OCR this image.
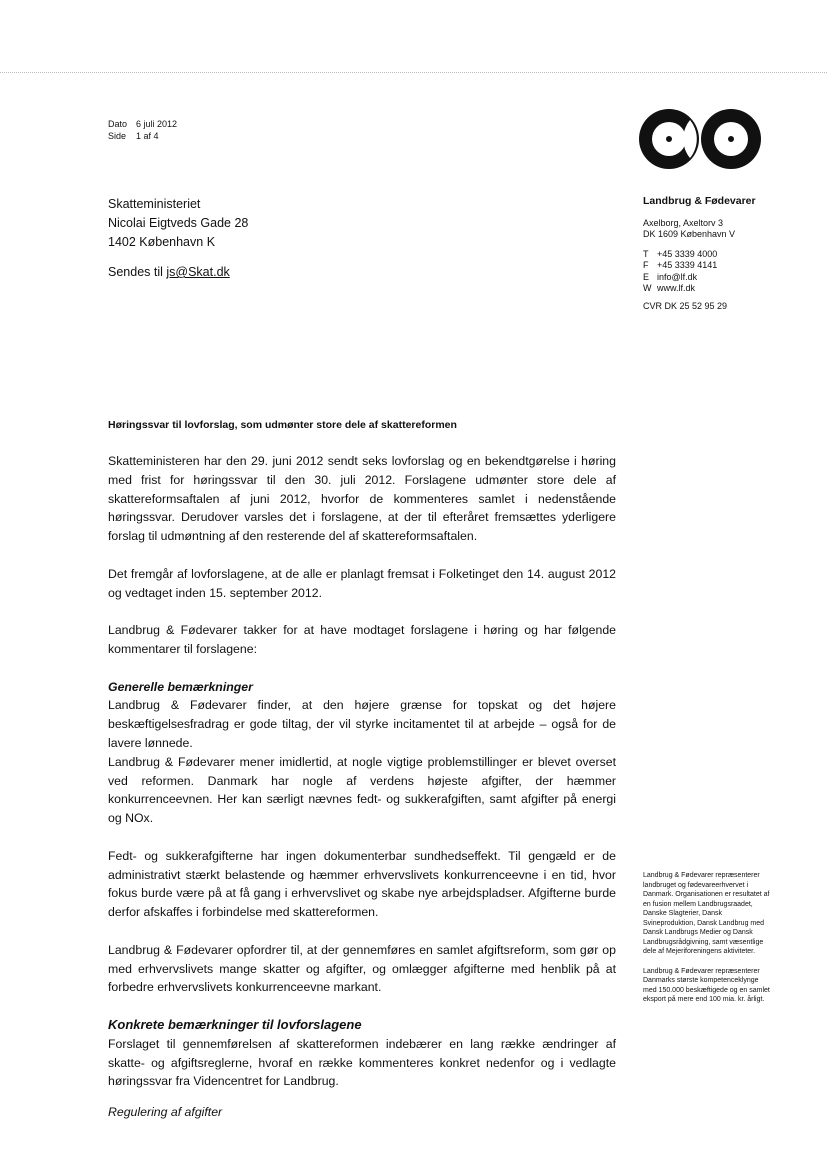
Dato 6 juli 2012
Side 1 af 4
Skatteministeriet
Nicolai Eigtveds Gade 28
1402 København K
Sendes til js@Skat.dk
Landbrug & Fødevarer
Axelborg, Axeltorv 3
DK 1609 København V
T +45 3339 4000
F +45 3339 4141
E info@lf.dk
W www.lf.dk
CVR DK 25 52 95 29
Høringssvar til lovforslag, som udmønter store dele af skattereformen

Skatteministeren har den 29. juni 2012 sendt seks lovforslag og en bekendtgørelse i høring med frist for høringssvar til den 30. juli 2012. Forslagene udmønter store dele af skattereformsaftalen af juni 2012, hvorfor de kommenteres samlet i nedenstående høringssvar. Derudover varsles det i forslagene, at der til efteråret fremsættes yderligere forslag til udmøntning af den resterende del af skattereformsaftalen.

Det fremgår af lovforslagene, at de alle er planlagt fremsat i Folketinget den 14. august 2012 og vedtaget inden 15. september 2012.

Landbrug & Fødevarer takker for at have modtaget forslagene i høring og har følgende kommentarer til forslagene:

Generelle bemærkninger
Landbrug & Fødevarer finder, at den højere grænse for topskat og det højere beskæftigelsesfradrag er gode tiltag, der vil styrke incitamentet til at arbejde – også for de lavere lønnede.

Landbrug & Fødevarer mener imidlertid, at nogle vigtige problemstillinger er blevet overset ved reformen. Danmark har nogle af verdens højeste afgifter, der hæmmer konkurrenceevnen. Her kan særligt nævnes fedt- og sukkerafgiften, samt afgifter på energi og NOx.

Fedt- og sukkerafgifterne har ingen dokumenterbar sundhedseffekt. Til gengæld er de administrativt stærkt belastende og hæmmer erhvervslivets konkurrenceevne i en tid, hvor fokus burde være på at få gang i erhvervslivet og skabe nye arbejdspladser. Afgifterne burde derfor afskaffes i forbindelse med skattereformen.

Landbrug & Fødevarer opfordrer til, at der gennemføres en samlet afgiftsreform, som gør op med erhvervslivets mange skatter og afgifter, og omlægger afgifterne med henblik på at forbedre erhvervslivets konkurrenceevne markant.

Konkrete bemærkninger til lovforslagene
Forslaget til gennemførelsen af skattereformen indebærer en lang række ændringer af skatte- og afgiftsreglerne, hvoraf en række kommenteres konkret nedenfor og i vedlagte høringssvar fra Videncentret for Landbrug.
Regulering af afgifter

Landbrug & Fødevarer repræsenterer landbruget og fødevareerhvervet i Danmark. Organisationen er resultatet af en fusion mellem Landbrugsraadet, Danske Slagterier, Dansk Svineproduktion, Dansk Landbrug med Dansk Landbrugs Medier og Dansk Landbrugsrådgivning, samt væsentlige dele af Mejeriforeningens aktiviteter.

Landbrug & Fødevarer repræsenterer Danmarks største kompetenceklynge med 150.000 beskæftigede og en samlet eksport på mere end 100 mia. kr. årligt.
